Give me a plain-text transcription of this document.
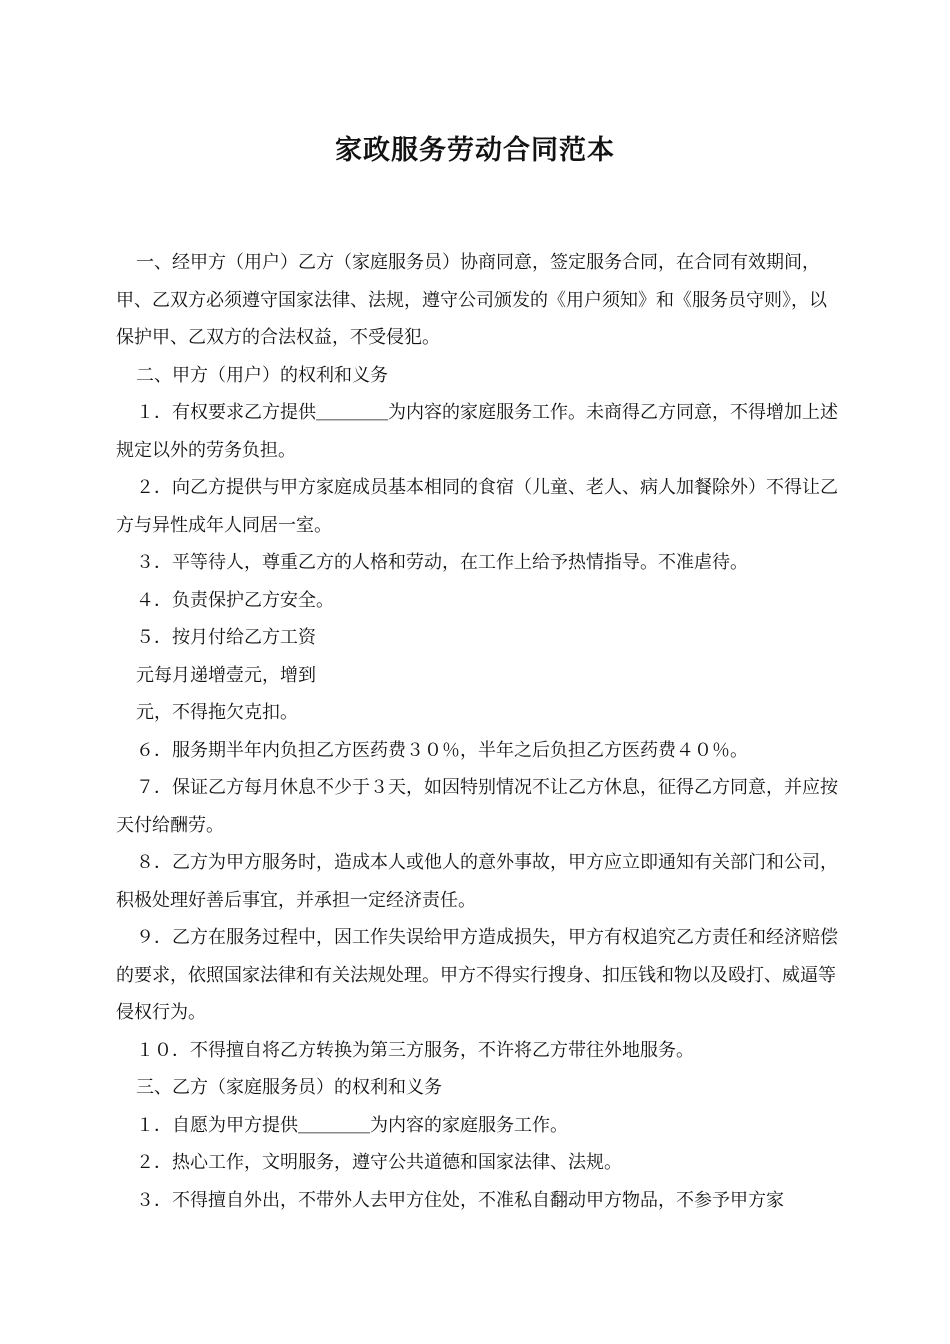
家政服务劳动合同范本

一、经甲方（用户）乙方（家庭服务员）协商同意，签定服务合同，在合同有效期间，甲、乙双方必须遵守国家法律、法规，遵守公司颁发的《用户须知》和《服务员守则》，以保护甲、乙双方的合法权益，不受侵犯。

二、甲方（用户）的权利和义务

１．有权要求乙方提供＿＿＿＿为内容的家庭服务工作。未商得乙方同意，不得增加上述规定以外的劳务负担。

２．向乙方提供与甲方家庭成员基本相同的食宿（儿童、老人、病人加餐除外）不得让乙方与异性成年人同居一室。

３．平等待人，尊重乙方的人格和劳动，在工作上给予热情指导。不准虐待。

４．负责保护乙方安全。

５．按月付给乙方工资

元每月递增壹元，增到

元，不得拖欠克扣。

６．服务期半年内负担乙方医药费３０％，半年之后负担乙方医药费４０％。

７．保证乙方每月休息不少于３天，如因特别情况不让乙方休息，征得乙方同意，并应按天付给酬劳。

８．乙方为甲方服务时，造成本人或他人的意外事故，甲方应立即通知有关部门和公司，积极处理好善后事宜，并承担一定经济责任。

９．乙方在服务过程中，因工作失误给甲方造成损失，甲方有权追究乙方责任和经济赔偿的要求，依照国家法律和有关法规处理。甲方不得实行搜身、扣压钱和物以及殴打、威逼等侵权行为。

１０．不得擅自将乙方转换为第三方服务，不许将乙方带往外地服务。

三、乙方（家庭服务员）的权利和义务

１．自愿为甲方提供＿＿＿＿为内容的家庭服务工作。

２．热心工作，文明服务，遵守公共道德和国家法律、法规。

３．不得擅自外出，不带外人去甲方住处，不准私自翻动甲方物品，不参予甲方家
